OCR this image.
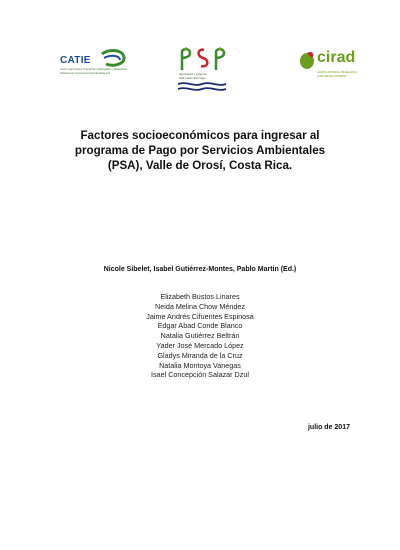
CATIE
Centro Agronómico Tropical de Investigación y Enseñanza
Solutions for environment and development	agroforestry systems
with perennial crops
cirad
AGRICULTURAL RESEARCH
FOR DEVELOPMENT
Factores socioeconómicos para ingresar al
programa de Pago por Servicios Ambientales
(PSA), Valle de Orosí, Costa Rica.
Nicole Sibelet, Isabel Gutiérrez-Montes, Pablo Martin (Ed.)
Elizabeth Bustos Linares
Neida Melina Chow Méndez
Jaime Andrés Cifuentes Espinosa
Edgar Abad Conde Blanco
Natalia Gutiérrez Beltrán
Yader José Mercado López
Gladys Miranda de la Cruz
Natalia Montoya Vanegas
Isael Concepción Salazar Dzul
julio de 2017
